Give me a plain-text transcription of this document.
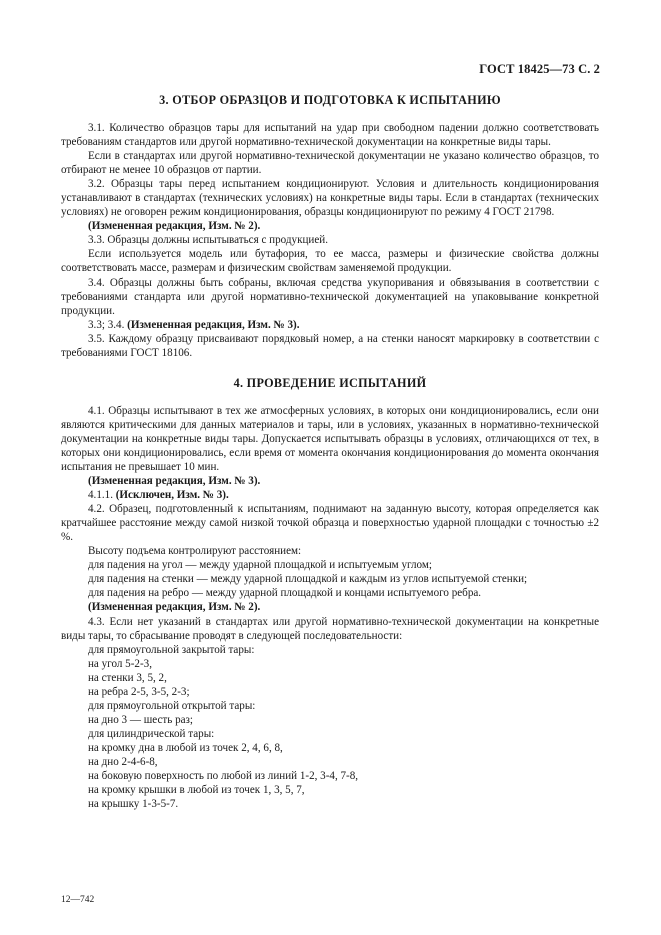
ГОСТ 18425—73 С. 2
3. ОТБОР ОБРАЗЦОВ И ПОДГОТОВКА К ИСПЫТАНИЮ

3.1. Количество образцов тары для испытаний на удар при свободном падении должно соответствовать требованиям стандартов или другой нормативно-технической документации на конкретные виды тары.

Если в стандартах или другой нормативно-технической документации не указано количество образцов, то отбирают не менее 10 образцов от партии.

3.2. Образцы тары перед испытанием кондиционируют. Условия и длительность кондиционирования устанавливают в стандартах (технических условиях) на конкретные виды тары. Если в стандартах (технических условиях) не оговорен режим кондиционирования, образцы кондиционируют по режиму 4 ГОСТ 21798.

(Измененная редакция, Изм. № 2).

3.3. Образцы должны испытываться с продукцией.

Если используется модель или бутафория, то ее масса, размеры и физические свойства должны соответствовать массе, размерам и физическим свойствам заменяемой продукции.

3.4. Образцы должны быть собраны, включая средства укупоривания и обвязывания в соответствии с требованиями стандарта или другой нормативно-технической документацией на упаковывание конкретной продукции.

3.3; 3.4. (Измененная редакция, Изм. № 3).

3.5. Каждому образцу присваивают порядковый номер, а на стенки наносят маркировку в соответствии с требованиями ГОСТ 18106.

4. ПРОВЕДЕНИЕ ИСПЫТАНИЙ

4.1. Образцы испытывают в тех же атмосферных условиях, в которых они кондиционировались, если они являются критическими для данных материалов и тары, или в условиях, указанных в нормативно-технической документации на конкретные виды тары. Допускается испытывать образцы в условиях, отличающихся от тех, в которых они кондиционировались, если время от момента окончания кондиционирования до момента окончания испытания не превышает 10 мин.

(Измененная редакция, Изм. № 3).

4.1.1. (Исключен, Изм. № 3).

4.2. Образец, подготовленный к испытаниям, поднимают на заданную высоту, которая определяется как кратчайшее расстояние между самой низкой точкой образца и поверхностью ударной площадки с точностью ±2 %.

Высоту подъема контролируют расстоянием:

для падения на угол — между ударной площадкой и испытуемым углом;

для падения на стенки — между ударной площадкой и каждым из углов испытуемой стенки;

для падения на ребро — между ударной площадкой и концами испытуемого ребра.

(Измененная редакция, Изм. № 2).

4.3. Если нет указаний в стандартах или другой нормативно-технической документации на конкретные виды тары, то сбрасывание проводят в следующей последовательности:

для прямоугольной закрытой тары:

на угол 5-2-3,

на стенки 3, 5, 2,

на ребра 2-5, 3-5, 2-3;

для прямоугольной открытой тары:

на дно 3 — шесть раз;

для цилиндрической тары:

на кромку дна в любой из точек 2, 4, 6, 8,

на дно 2-4-6-8,

на боковую поверхность по любой из линий 1-2, 3-4, 7-8,

на кромку крышки в любой из точек 1, 3, 5, 7,

на крышку 1-3-5-7.

12—742
